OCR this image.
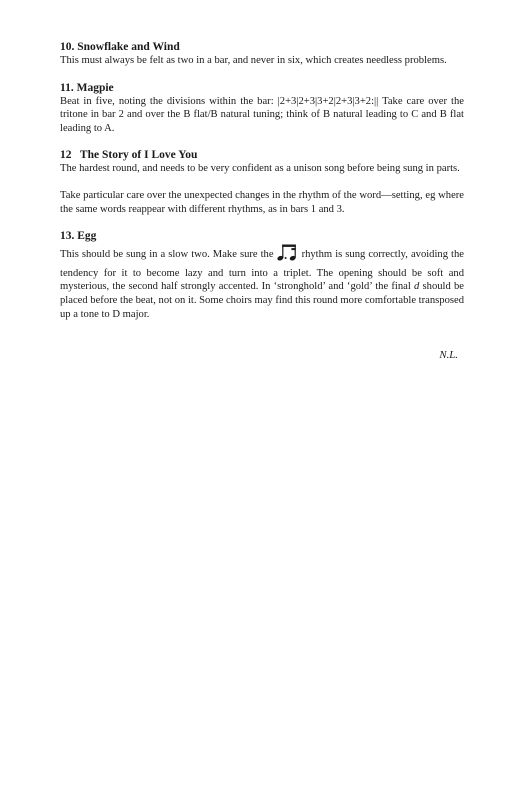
10. Snowflake and Wind

This must always be felt as two in a bar, and never in six, which creates needless problems.

11. Magpie

Beat in five, noting the divisions within the bar: |2+3|2+3|3+2|2+3|3+2:|| Take care over the tritone in bar 2 and over the B flat/B natural tuning; think of B natural leading to C and B flat leading to A.

12   The Story of I Love You

The hardest round, and needs to be very confident as a unison song before being sung in parts.

Take particular care over the unexpected changes in the rhythm of the word—setting, eg where the same words reappear with different rhythms, as in bars 1 and 3.

13. Egg

This should be sung in a slow two. Make sure the	rhythm is sung correctly, avoiding the tendency for it to become lazy and turn into a triplet. The opening should be soft and mysterious, the second half strongly accented. In ‘stronghold’ and ‘gold’ the final d should be placed before the beat, not on it. Some choirs may find this round more comfortable transposed up a tone to D major.

N.L.
